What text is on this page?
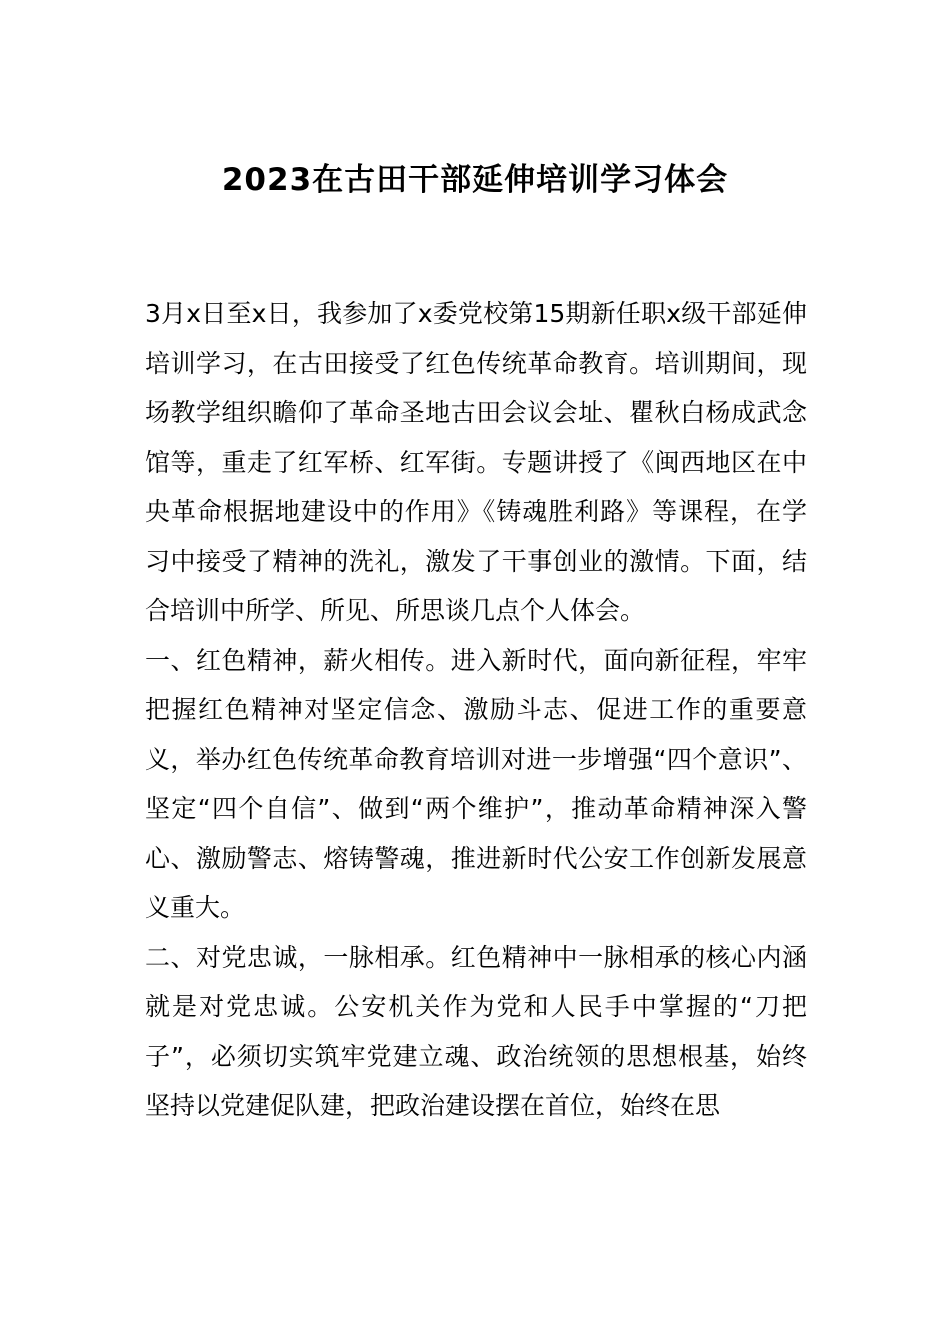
2023在古田干部延伸培训学习体会

3月x日至x日，我参加了x委党校第15期新任职x级干部延伸培训学习，在古田接受了红色传统革命教育。培训期间，现场教学组织瞻仰了革命圣地古田会议会址、瞿秋白杨成武念馆等，重走了红军桥、红军街。专题讲授了《闽西地区在中央革命根据地建设中的作用》《铸魂胜利路》等课程，在学习中接受了精神的洗礼，激发了干事创业的激情。下面，结合培训中所学、所见、所思谈几点个人体会。

一、红色精神，薪火相传。进入新时代，面向新征程，牢牢把握红色精神对坚定信念、激励斗志、促进工作的重要意义，举办红色传统革命教育培训对进一步增强“四个意识”、坚定“四个自信”、做到“两个维护”，推动革命精神深入警心、激励警志、熔铸警魂，推进新时代公安工作创新发展意义重大。

二、对党忠诚，一脉相承。红色精神中一脉相承的核心内涵就是对党忠诚。公安机关作为党和人民手中掌握的“刀把子”，必须切实筑牢党建立魂、政治统领的思想根基，始终坚持以党建促队建，把政治建设摆在首位，始终在思
